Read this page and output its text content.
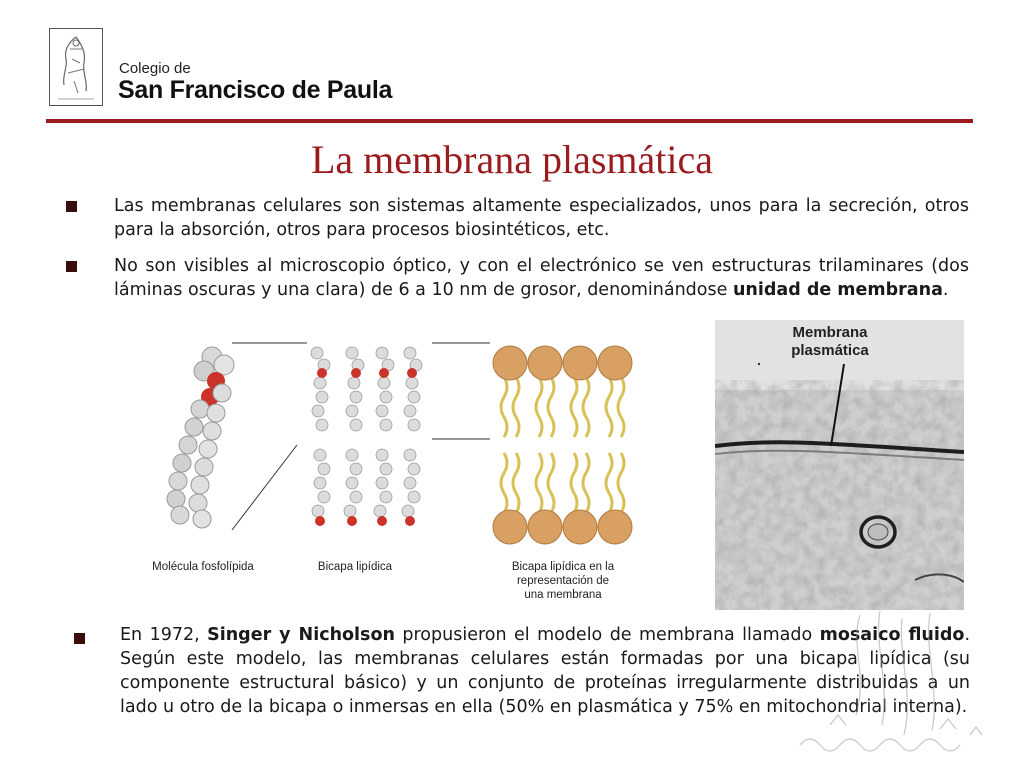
Colegio de
San Francisco de Paula
La membrana plasmática
Las membranas celulares son sistemas altamente especializados, unos para la secreción, otros para la absorción, otros para procesos biosintéticos, etc.
No son visibles al microscopio óptico, y con el electrónico se ven estructuras trilaminares (dos láminas oscuras y una clara) de 6 a 10 nm de grosor, denominándose unidad de membrana.
Molécula fosfolípida	Bicapa lipídica	Bicapa lipídica en la
representación de
una membrana
Membrana
plasmática
En 1972, Singer y Nicholson propusieron el modelo de membrana llamado mosaico fluido. Según este modelo, las membranas celulares están formadas por una bicapa lipídica (su componente estructural básico) y un conjunto de proteínas irregularmente distribuidas a un lado u otro de la bicapa o inmersas en ella (50% en plasmática y 75% en mitochondrial interna).
